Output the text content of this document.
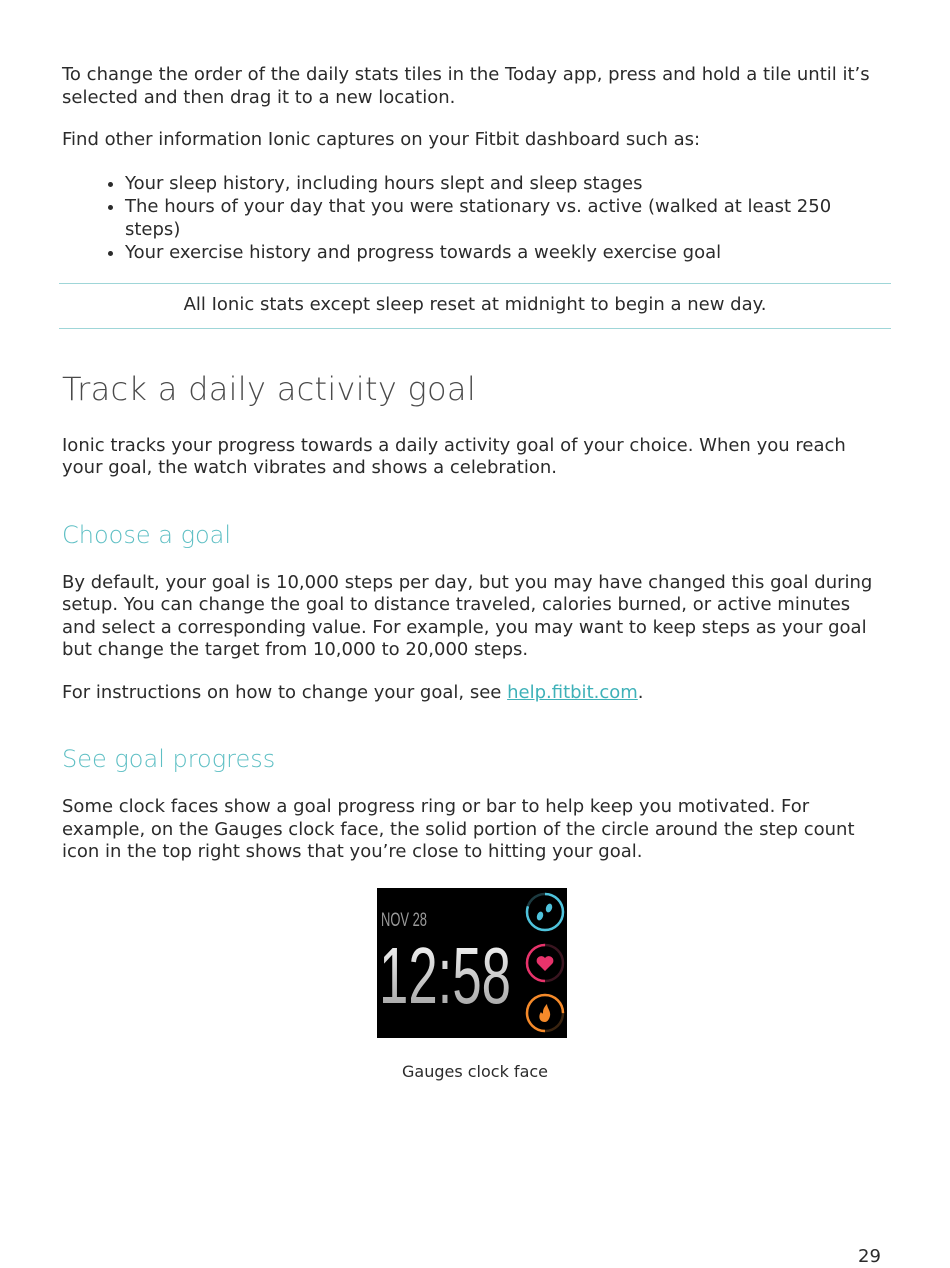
To change the order of the daily stats tiles in the Today app, press and hold a tile until it’s selected and then drag it to a new location.

Find other information Ionic captures on your Fitbit dashboard such as:

• Your sleep history, including hours slept and sleep stages
• The hours of your day that you were stationary vs. active (walked at least 250 steps)
• Your exercise history and progress towards a weekly exercise goal
All Ionic stats except sleep reset at midnight to begin a new day.
Track a daily activity goal

Ionic tracks your progress towards a daily activity goal of your choice. When you reach your goal, the watch vibrates and shows a celebration.

Choose a goal

By default, your goal is 10,000 steps per day, but you may have changed this goal during setup. You can change the goal to distance traveled, calories burned, or active minutes and select a corresponding value. For example, you may want to keep steps as your goal but change the target from 10,000 to 20,000 steps.

For instructions on how to change your goal, see help.fitbit.com.

See goal progress

Some clock faces show a goal progress ring or bar to help keep you motivated. For example, on the Gauges clock face, the solid portion of the circle around the step count icon in the top right shows that you’re close to hitting your goal.

NOV 28
12:58
Gauges clock face
29
